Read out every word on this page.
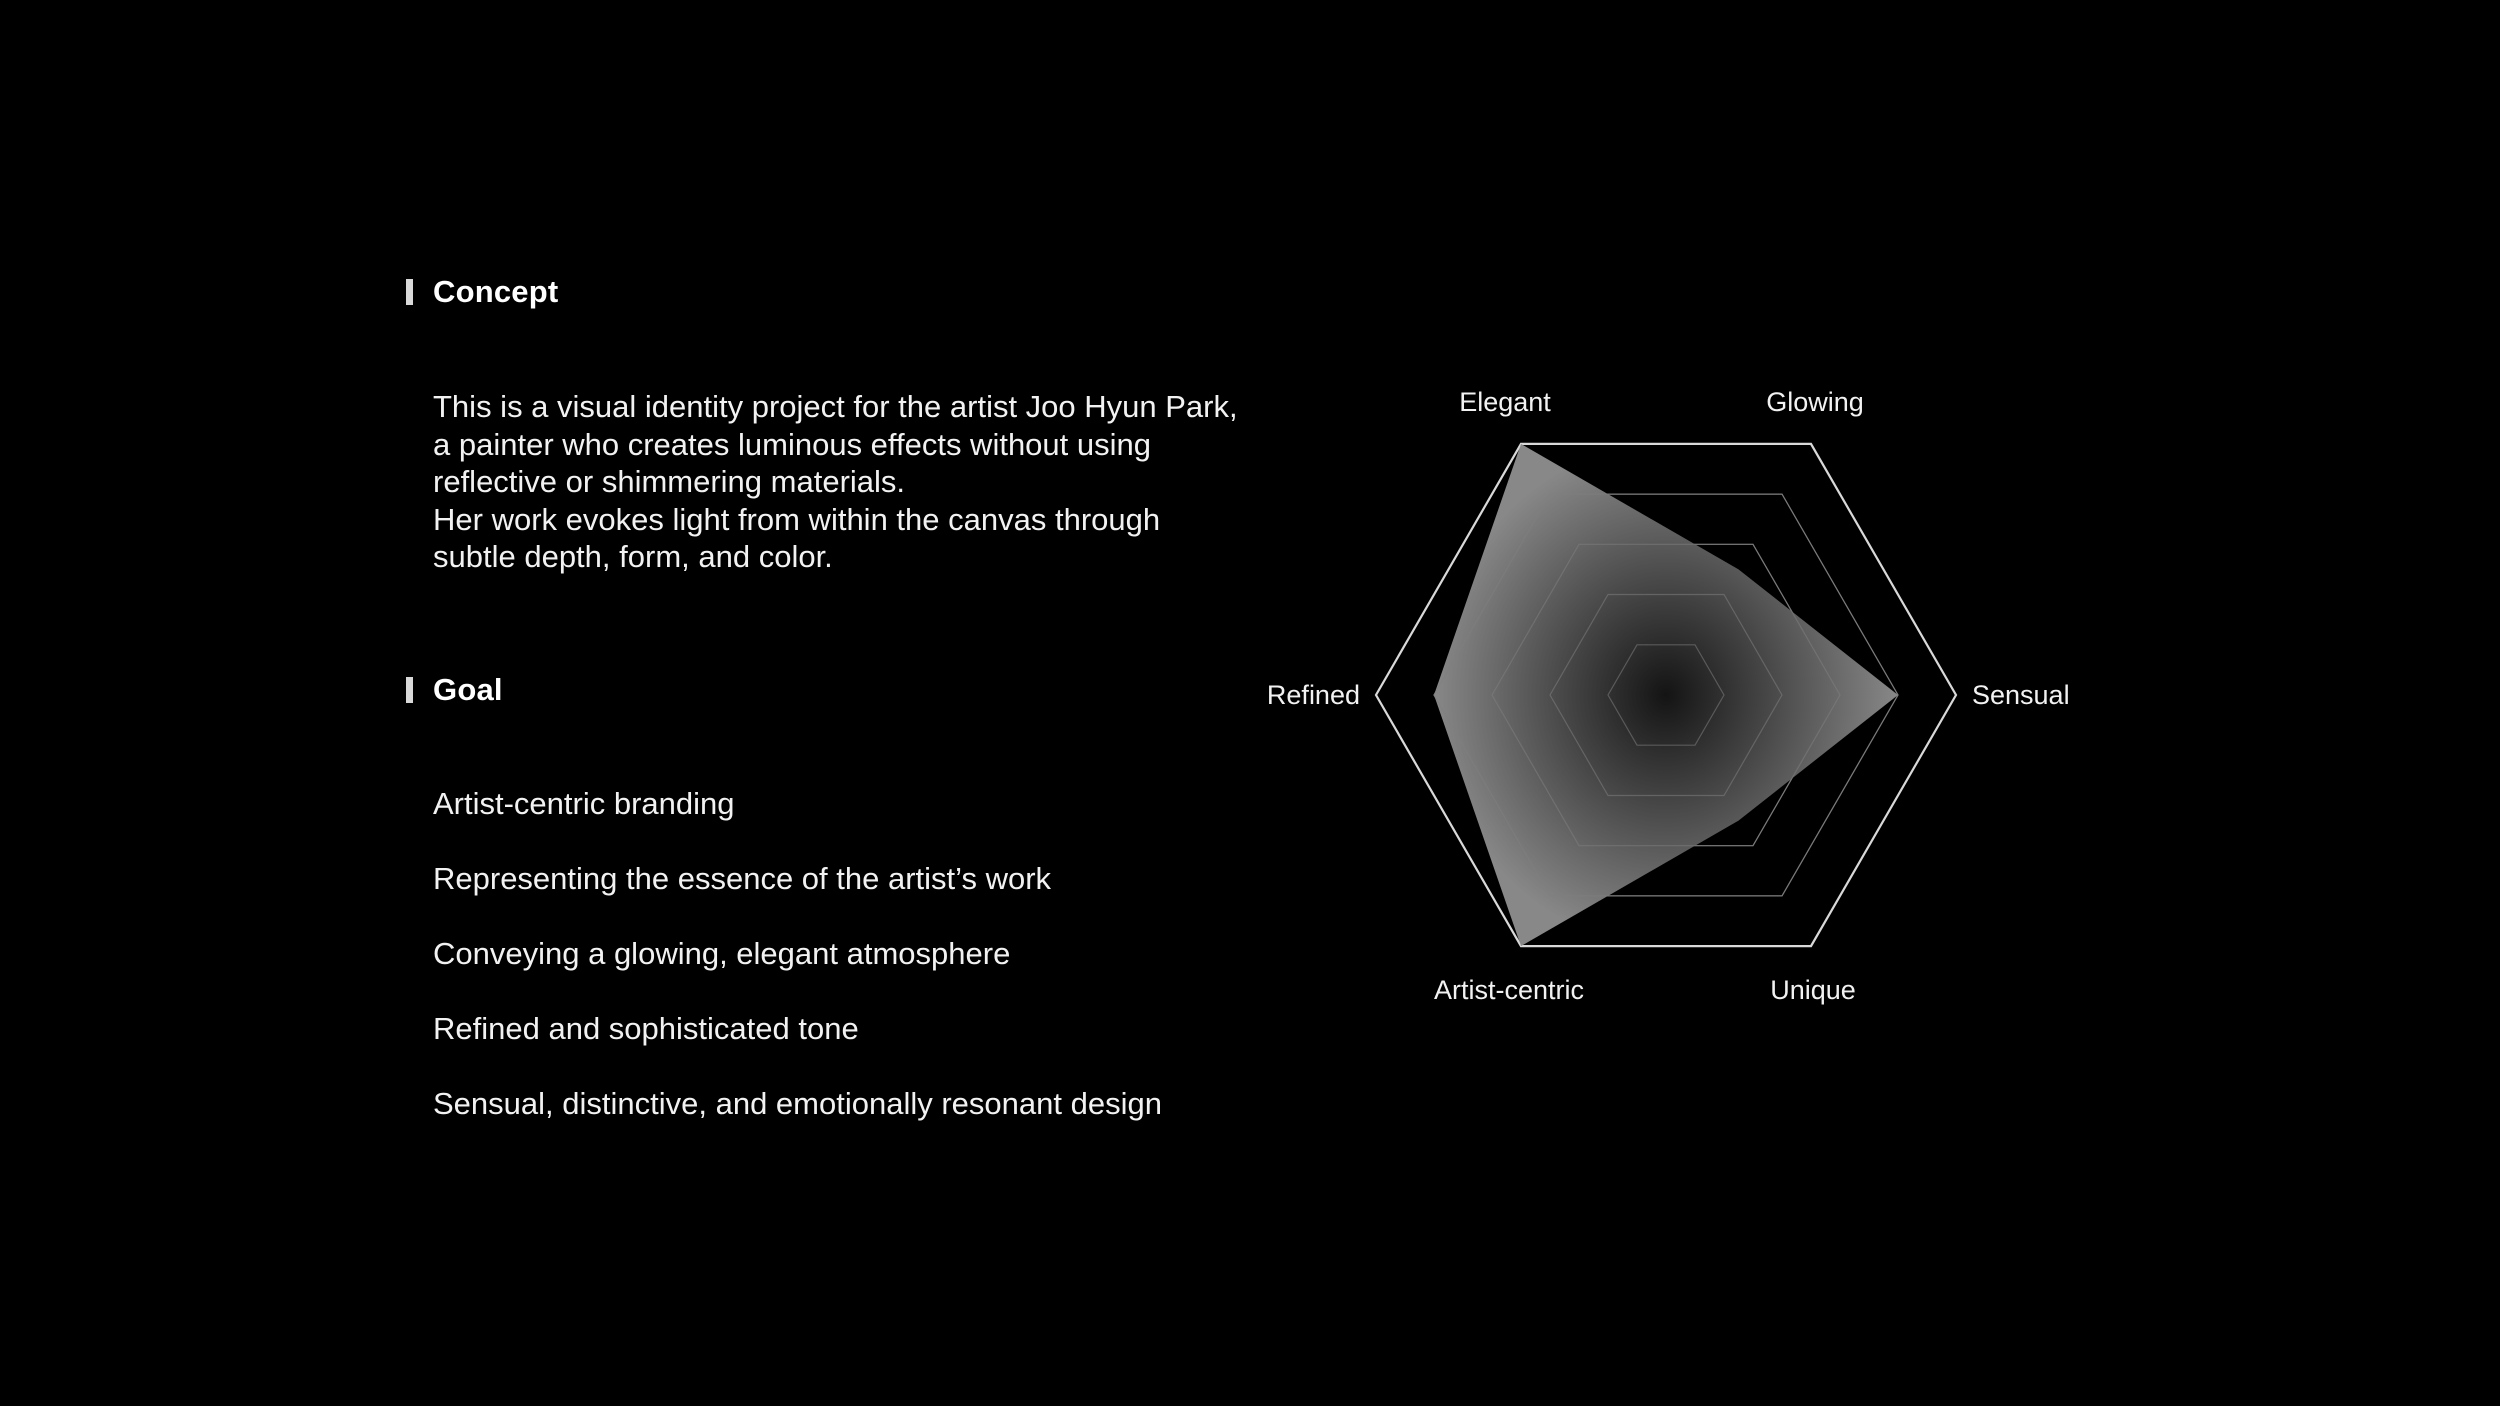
Concept
This is a visual identity project for the artist Joo Hyun Park,
a painter who creates luminous effects without using
reflective or shimmering materials.
Her work evokes light from within the canvas through
subtle depth, form, and color.
Goal
Artist-centric branding
Representing the essence of the artist’s work
Conveying a glowing, elegant atmosphere
Refined and sophisticated tone
Sensual, distinctive, and emotionally resonant design
Glowing
Elegant
Refined
Artist-centric	Unique
Sensual
